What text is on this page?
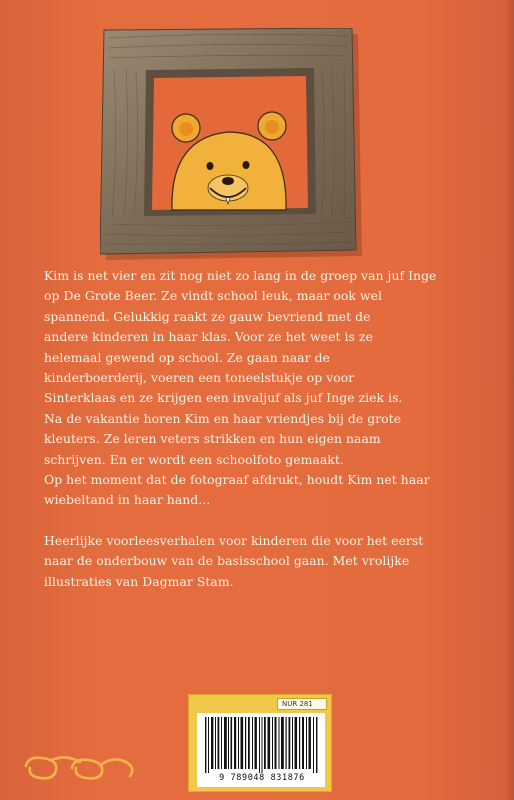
Kim is net vier en zit nog niet zo lang in de groep van juf Inge
op De Grote Beer. Ze vindt school leuk, maar ook wel
spannend. Gelukkig raakt ze gauw bevriend met de
andere kinderen in haar klas. Voor ze het weet is ze
helemaal gewend op school. Ze gaan naar de
kinderboerderij, voeren een toneelstukje op voor
Sinterklaas en ze krijgen een invaljuf als juf Inge ziek is.
Na de vakantie horen Kim en haar vriendjes bij de grote
kleuters. Ze leren veters strikken en hun eigen naam
schrijven. En er wordt een schoolfoto gemaakt.
Op het moment dat de fotograaf afdrukt, houdt Kim net haar
wiebeltand in haar hand...

Heerlijke voorleesverhalen voor kinderen die voor het eerst
naar de onderbouw van de basisschool gaan. Met vrolijke
illustraties van Dagmar Stam.

NUR 281
9 789048 831876
